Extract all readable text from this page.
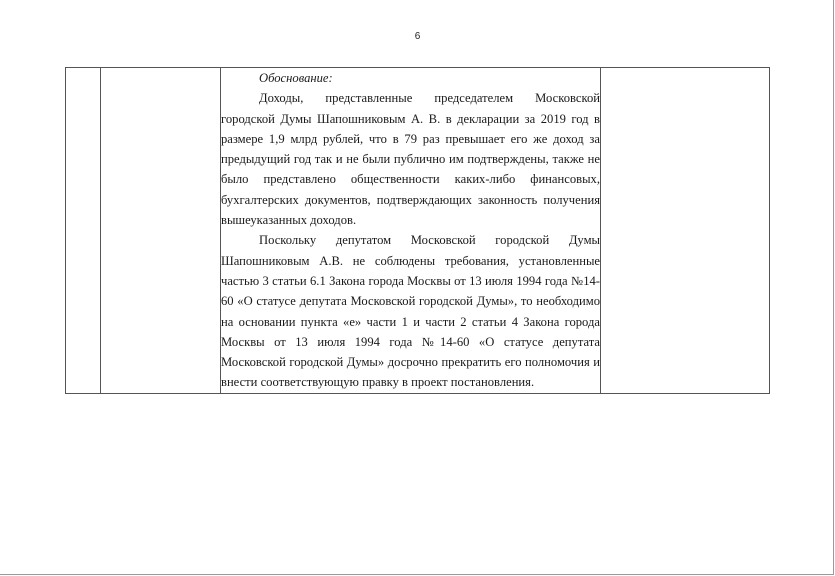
6

Обоснование:

Доходы, представленные председателем Московской городской Думы Шапошниковым А. В. в декларации за 2019 год в размере 1,9 млрд рублей, что в 79 раз превышает его же доход за предыдущий год так и не были публично им подтверждены, также не было представлено общественности каких-либо финансовых, бухгалтерских документов, подтверждающих законность получения вышеуказанных доходов.

Поскольку депутатом Московской городской Думы Шапошниковым А.В. не соблюдены требования, установленные частью 3 статьи 6.1 Закона города Москвы от 13 июля 1994 года №14-60 «О статусе депутата Московской городской Думы», то необходимо на основании пункта «е» части 1 и части 2 статьи 4 Закона города Москвы от 13 июля 1994 года №14-60 «О статусе депутата Московской городской Думы» досрочно прекратить его полномочия и внести соответствующую правку в проект постановления.
